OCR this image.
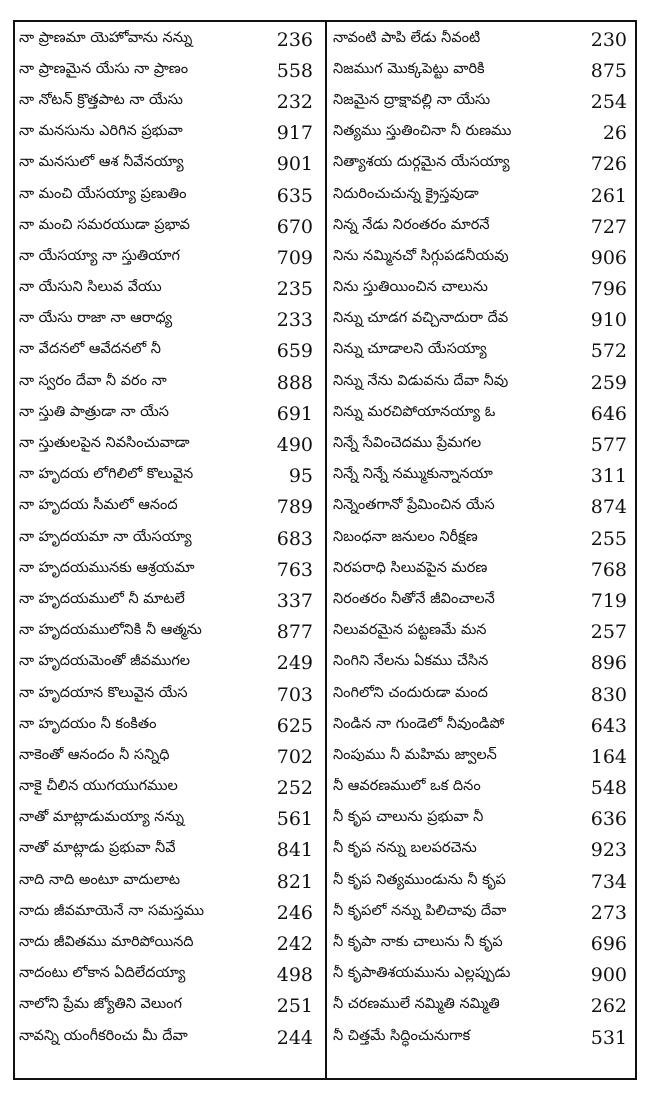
నా ప్రాణమా యెహోవాను నన్ను	236
నా ప్రాణమైన యేసు నా ప్రాణం	558
నా నోటన్ క్రొత్తపాట నా యేసు	232
నా మనసును ఎరిగిన ప్రభువా	917
నా మనసులో ఆశ నీవేనయ్యా	901
నా మంచి యేసయ్యా ప్రణుతిం	635
నా మంచి సమరయుడా ప్రభావ	670
నా యేసయ్యా నా స్తుతియాగ	709
నా యేసుని సిలువ వేయు	235
నా యేసు రాజా నా ఆరాధ్య	233
నా వేదనలో ఆవేదనలో నీ	659
నా స్వరం దేవా నీ వరం నా	888
నా స్తుతి పాత్రుడా నా యేస	691
నా స్తుతులపైన నివసించువాడా	490
నా హృదయ లోగిలిలో కొలువైన	95
నా హృదయ సీమలో ఆనంద	789
నా హృదయమా నా యేసయ్యా	683
నా హృదయమునకు ఆశ్రయమా	763
నా హృదయములో నీ మాటలే	337
నా హృదయములోనికి నీ ఆత్మను	877
నా హృదయమెంతో జీవముగల	249
నా హృదయాన కొలువైన యేస	703
నా హృదయం నీ కంకితం	625
నాకెంతో ఆనందం నీ సన్నిధి	702
నాకై చీలిన యుగయుగముల	252
నాతో మాట్లాడుమయ్యా నన్ను	561
నాతో మాట్లాడు ప్రభువా నీవే	841
నాది నాది అంటూ వాదులాట	821
నాదు జీవమాయెనే నా సమస్తము	246
నాదు జీవితము మారిపోయినది	242
నాదంటు లోకాన ఏదిలేదయ్యా	498
నాలోని ప్రేమ జ్యోతిని వెలుంగ	251
నావన్ని యంగీకరించు మీ దేవా	244
నావంటి పాపి లేడు నీవంటి	230
నిజముగ మొక్కపెట్టు వారికి	875
నిజమైన ద్రాక్షావల్లి నా యేసు	254
నిత్యము స్తుతించినా నీ రుణము	26
నిత్యాశయ దుర్గమైన యేసయ్యా	726
నిదురించుచున్న క్రైస్తవుడా	261
నిన్న నేడు నిరంతరం మారనే	727
నిను నమ్మినచో సిగ్గుపడనీయవు	906
నిను స్తుతియించిన చాలును	796
నిన్ను చూడగ వచ్చినాదురా దేవ	910
నిన్ను చూడాలని యేసయ్యా	572
నిన్ను నేను విడువను దేవా నీవు	259
నిన్ను మరచిపోయానయ్యా ఓ	646
నిన్నే సేవించెదము ప్రేమగల	577
నిన్నే నిన్నే నమ్ముకున్నానయా	311
నిన్నెంతగానో ప్రేమించిన యేస	874
నిబంధనా జనులం నిరీక్షణ	255
నిరపరాధి సిలువపైన మరణ	768
నిరంతరం నీతోనే జీవించాలనే	719
నిలువరమైన పట్టణమే మన	257
నింగిని నేలను ఏకము చేసిన	896
నింగిలోని చందురుడా మంద	830
నిండిన నా గుండెలో నీవుండిపో	643
నింపుము నీ మహిమ జ్వాలన్	164
నీ ఆవరణములో ఒక దినం	548
నీ కృప చాలును ప్రభువా నీ	636
నీ కృప నన్ను బలపరచెను	923
నీ కృప నిత్యముండును నీ కృప	734
నీ కృపలో నన్ను పిలిచావు దేవా	273
నీ కృపా నాకు చాలును నీ కృప	696
నీ కృపాతిశయమును ఎల్లప్పుడు	900
నీ చరణములే నమ్మితి నమ్మితి	262
నీ చిత్తమే సిద్ధించునుగాక	531
